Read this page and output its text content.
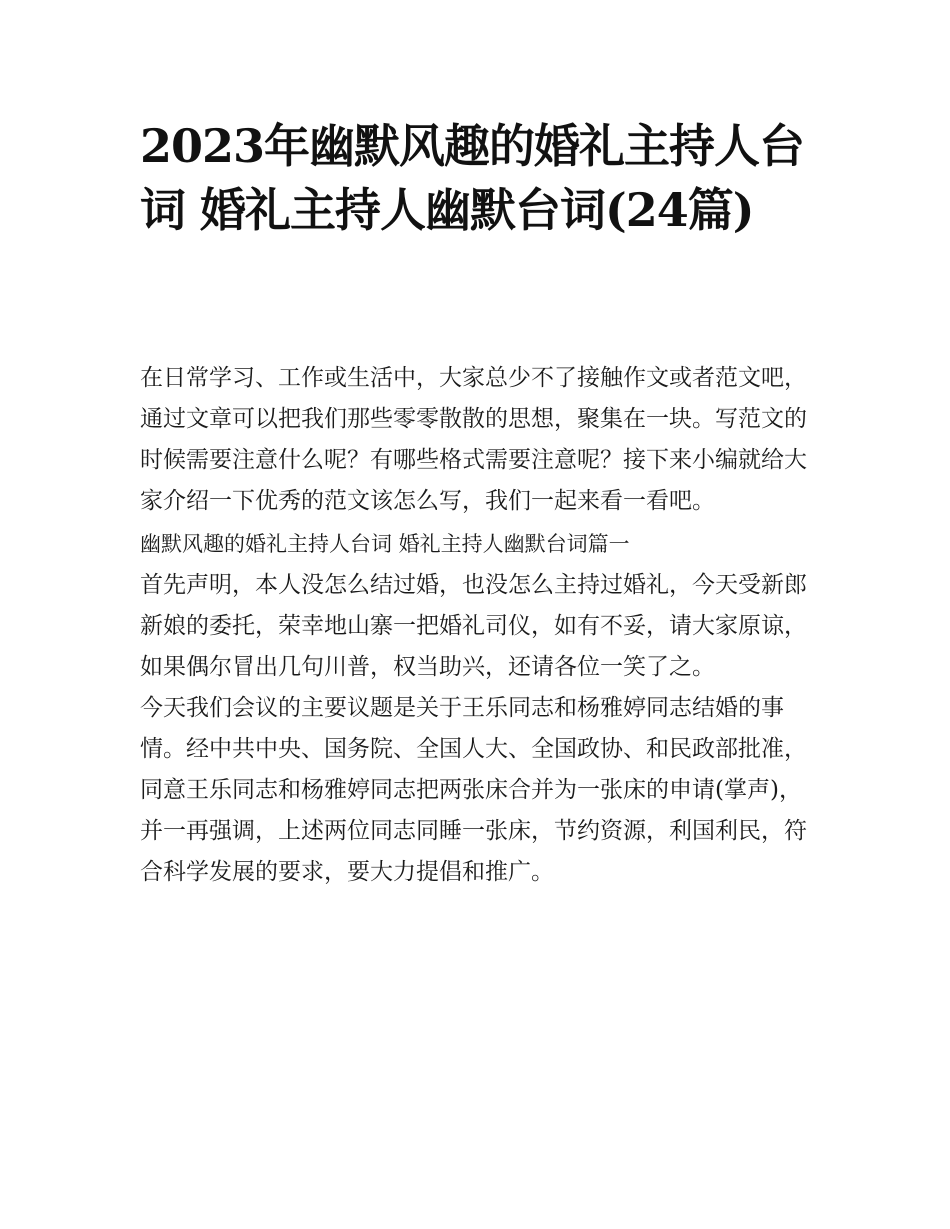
2023年幽默风趣的婚礼主持人台词 婚礼主持人幽默台词(24篇)

在日常学习、工作或生活中，大家总少不了接触作文或者范文吧，通过文章可以把我们那些零零散散的思想，聚集在一块。写范文的时候需要注意什么呢？有哪些格式需要注意呢？接下来小编就给大家介绍一下优秀的范文该怎么写，我们一起来看一看吧。

幽默风趣的婚礼主持人台词 婚礼主持人幽默台词篇一

首先声明，本人没怎么结过婚，也没怎么主持过婚礼，今天受新郎新娘的委托，荣幸地山寨一把婚礼司仪，如有不妥，请大家原谅，如果偶尔冒出几句川普，权当助兴，还请各位一笑了之。

今天我们会议的主要议题是关于王乐同志和杨雅婷同志结婚的事情。经中共中央、国务院、全国人大、全国政协、和民政部批准，同意王乐同志和杨雅婷同志把两张床合并为一张床的申请(掌声)，并一再强调，上述两位同志同睡一张床，节约资源，利国利民，符合科学发展的要求，要大力提倡和推广。
